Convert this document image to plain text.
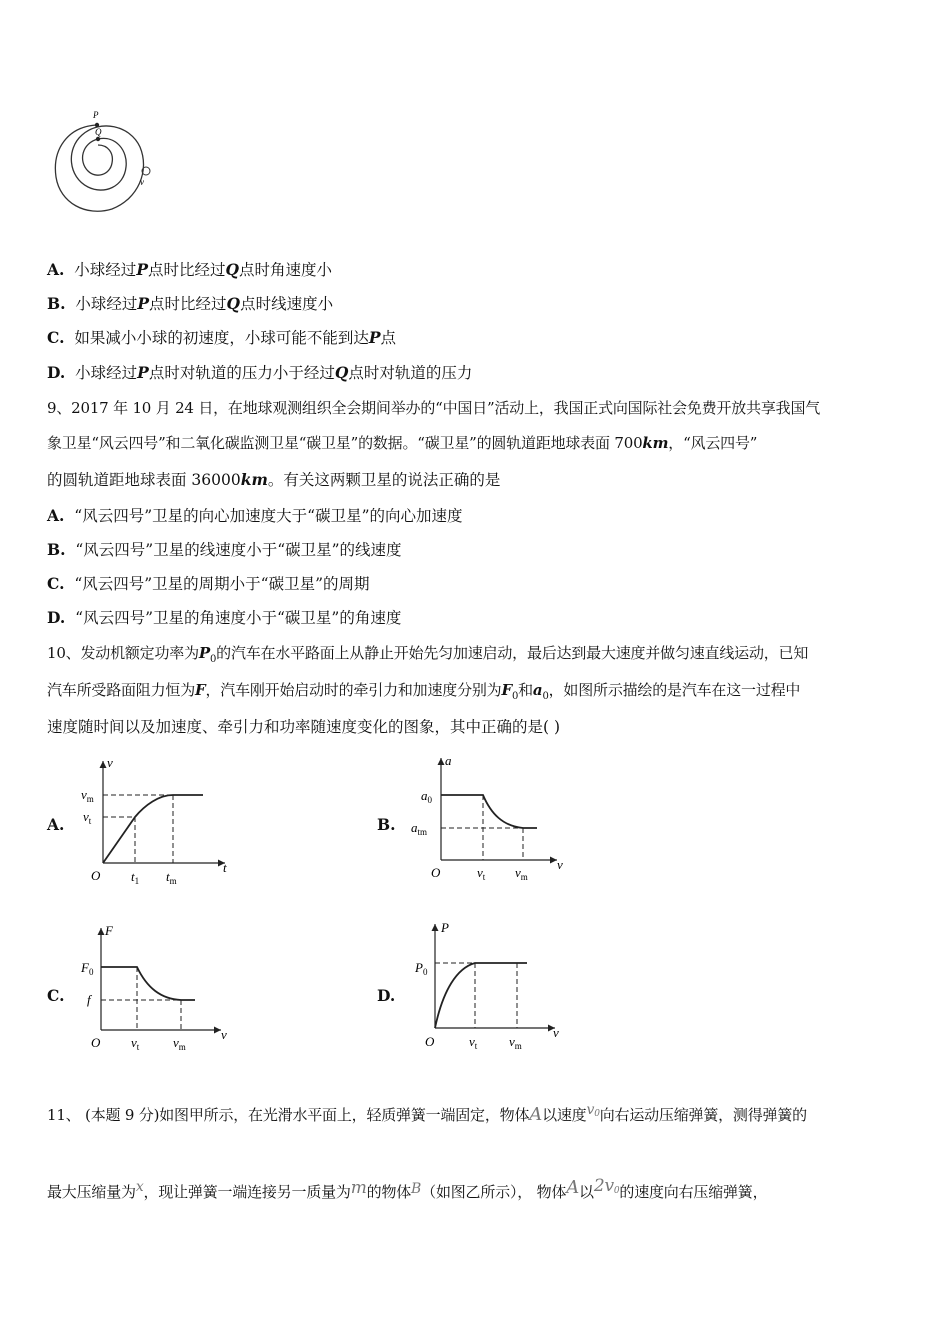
P
Q
v
A. 小球经过P点时比经过Q点时角速度小
B. 小球经过P点时比经过Q点时线速度小
C. 如果减小小球的初速度，小球可能不能到达P点
D. 小球经过P点时对轨道的压力小于经过Q点时对轨道的压力
9、2017 年 10 月 24 日，在地球观测组织全会期间举办的“中国日”活动上，我国正式向国际社会免费开放共享我国气
象卫星“风云四号”和二氧化碳监测卫星“碳卫星”的数据。“碳卫星”的圆轨道距地球表面 700km，“风云四号”
的圆轨道距地球表面 36000km。有关这两颗卫星的说法正确的是
A. “风云四号”卫星的向心加速度大于“碳卫星”的向心加速度
B. “风云四号”卫星的线速度小于“碳卫星”的线速度
C. “风云四号”卫星的周期小于“碳卫星”的周期
D. “风云四号”卫星的角速度小于“碳卫星”的角速度
10、发动机额定功率为$P_0$的汽车在水平路面上从静止开始先匀加速启动，最后达到最大速度并做匀速直线运动，已知
汽车所受路面阻力恒为F，汽车刚开始启动时的牵引力和加速度分别为$F_0$和$a_0$，如图所示描绘的是汽车在这一过程中
速度随时间以及加速度、牵引力和功率随速度变化的图象，其中正确的是( )
A.
v
t
O
$v_m$
$v_t$
$t_1$ $t_m$
B.
a
v
O
$a_0$
$a_{tm}$
$v_t$ $v_m$
C.
F
v
O
$F_0$
f
$v_t$	$v_m$
D.
P
v
O
$P_0$
$v_t$ $v_m$
11、 (本题 9 分)如图甲所示，在光滑水平面上，轻质弹簧一端固定，物体A以速度$v_0$向右运动压缩弹簧，测得弹簧的
最大压缩量为x，现让弹簧一端连接另一质量为m的物体B（如图乙所示）， 物体A以$2v_0$的速度向右压缩弹簧，
